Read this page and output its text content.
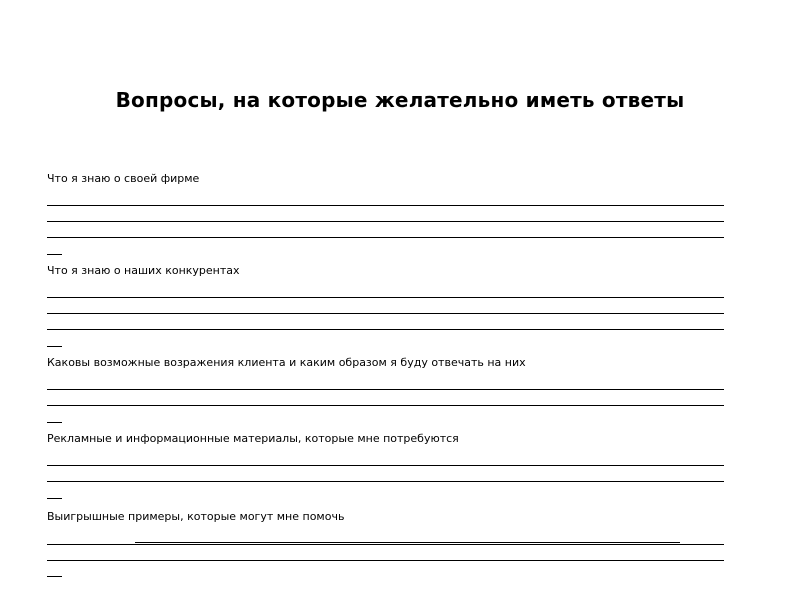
Вопросы, на которые желательно иметь ответы
Что я знаю о своей фирме
Что я знаю о наших конкурентах
Каковы возможные возражения клиента и каким образом я буду отвечать на них
Рекламные и информационные материалы, которые мне потребуются
Выигрышные примеры, которые могут мне помочь
